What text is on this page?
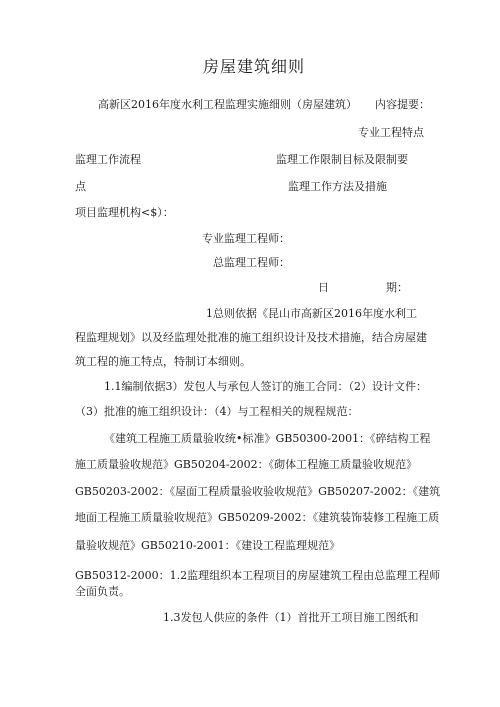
房屋建筑细则
高新区2016年度水利工程监理实施细则（房屋建筑） 内容提要：
专业工程特点
监理工作流程	监理工作限制目标及限制要
点	监理工作方法及措施
项目监理机构<$）：
专业监理工程师：
总监理工程师：
日	期：
1总则依据《昆山市高新区2016年度水利工
程监理规划》以及经监理处批准的施工组织设计及技术措施，结合房屋建
筑工程的施工特点，特制订本细则。
1.1编制依据3）发包人与承包人签订的施工合同：（2）设计文件：
（3）批准的施工组织设计：（4）与工程相关的规程规范：
《建筑工程施工质量验收统•标准》GB50300-2001：《碎结构工程
施工质量验收规范》GB50204-2002：《砌体工程施工质量验收规范》
GB50203-2002：《屋面工程质量验收验收规范》GB50207-2002：《建筑
地面工程施工质量验收规范》GB50209-2002：《建筑装饰装修工程施工质
量验收规范》GB50210-2001：《建设工程监理规范》
GB50312-2000：1.2监理组织本工程项目的房屋建筑工程由总监理工程师
全面负责。
1.3发包人供应的条件（1）首批开工项目施工图纸和
